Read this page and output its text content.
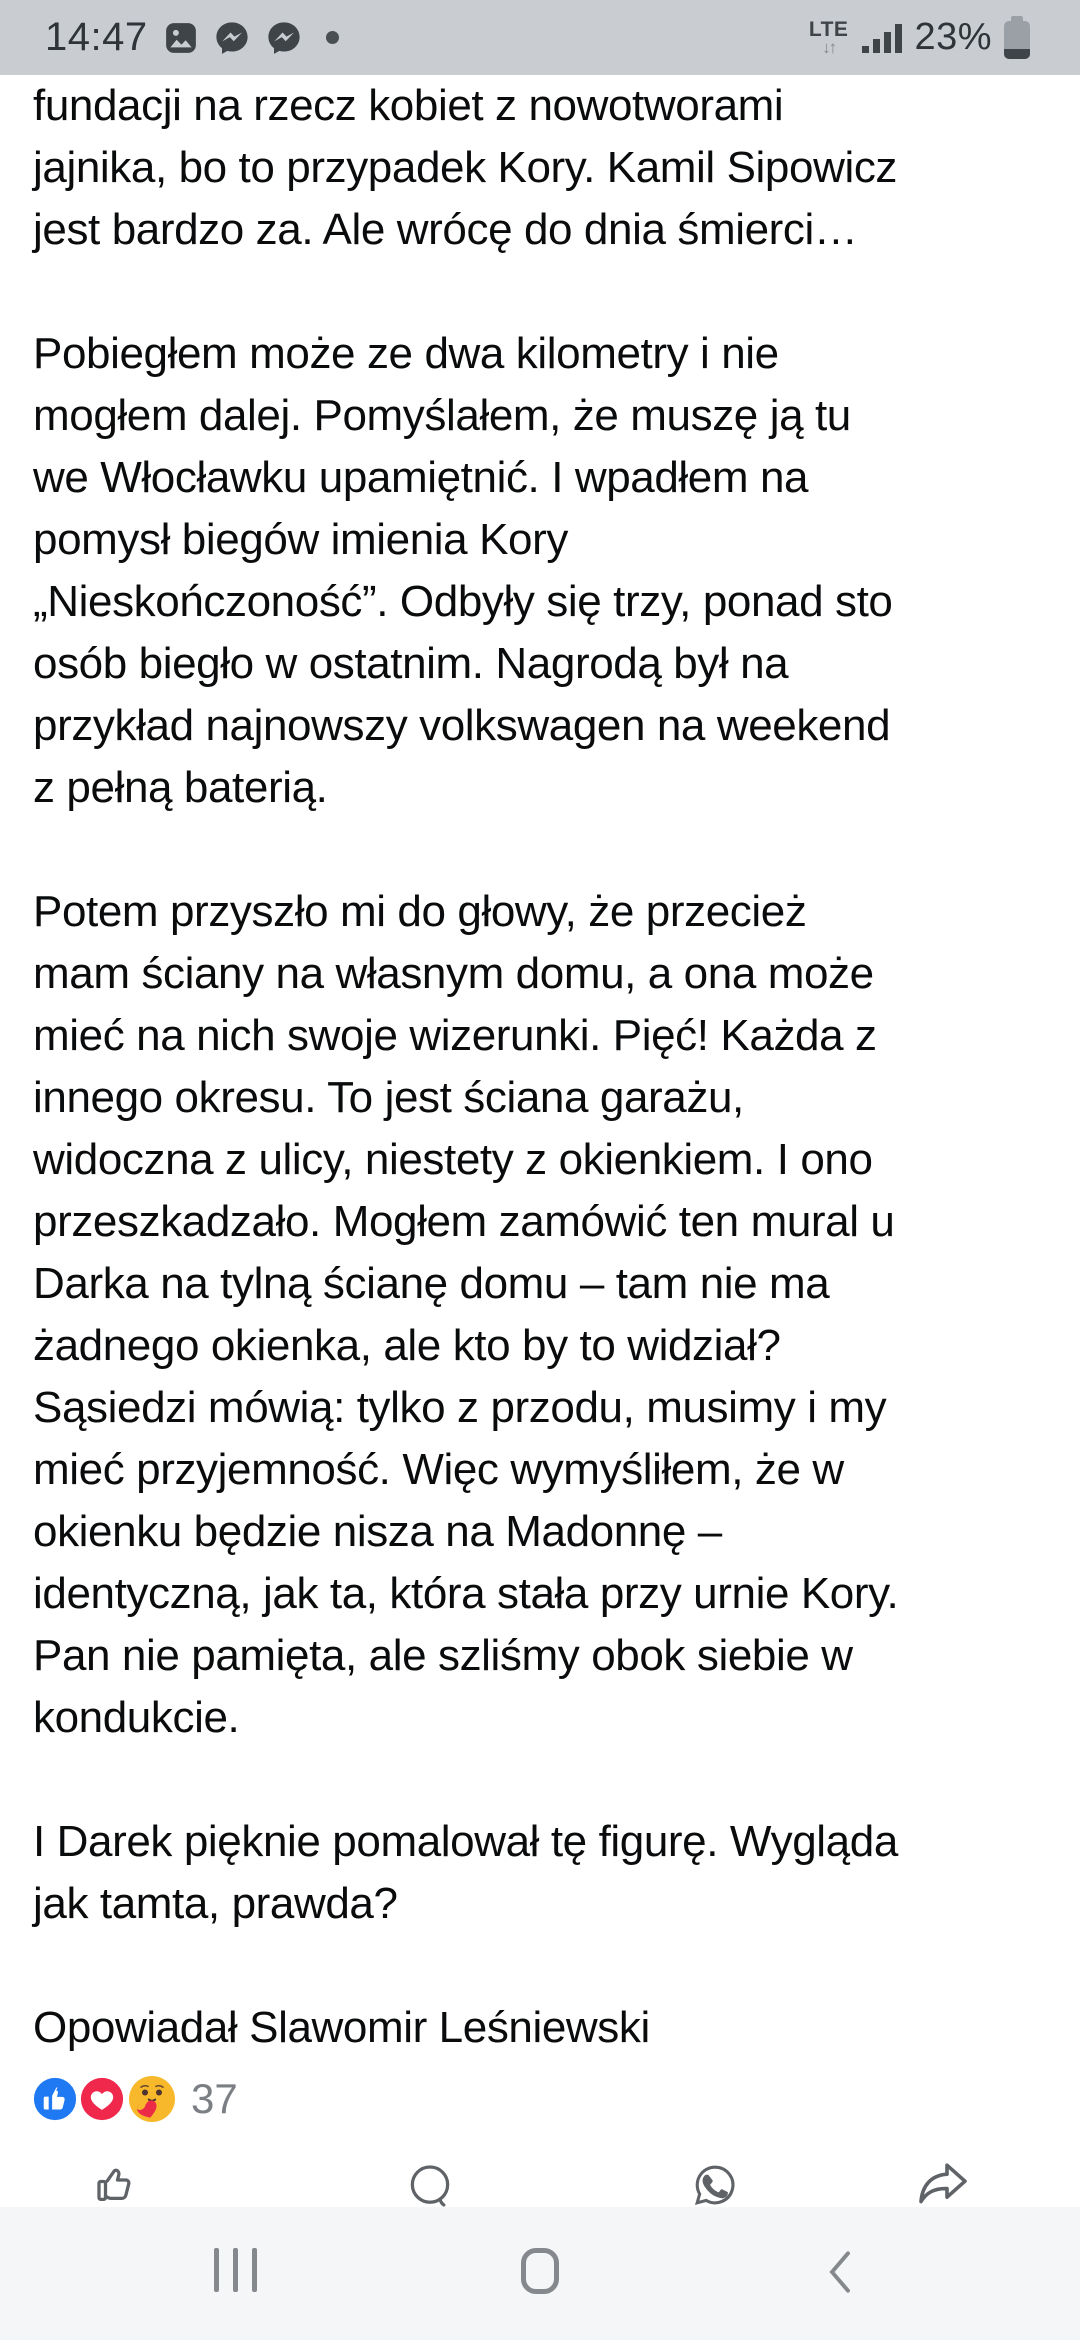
14:47	LTE
↓↑ 23%
fundacji na rzecz kobiet z nowotworami
jajnika, bo to przypadek Kory. Kamil Sipowicz
jest bardzo za. Ale wrócę do dnia śmierci…
Pobiegłem może ze dwa kilometry i nie
mogłem dalej. Pomyślałem, że muszę ją tu
we Włocławku upamiętnić. I wpadłem na
pomysł biegów imienia Kory
„Nieskończoność”. Odbyły się trzy, ponad sto
osób biegło w ostatnim. Nagrodą był na
przykład najnowszy volkswagen na weekend
z pełną baterią.
Potem przyszło mi do głowy, że przecież
mam ściany na własnym domu, a ona może
mieć na nich swoje wizerunki. Pięć! Każda z
innego okresu. To jest ściana garażu,
widoczna z ulicy, niestety z okienkiem. I ono
przeszkadzało. Mogłem zamówić ten mural u
Darka na tylną ścianę domu – tam nie ma
żadnego okienka, ale kto by to widział?
Sąsiedzi mówią: tylko z przodu, musimy i my
mieć przyjemność. Więc wymyśliłem, że w
okienku będzie nisza na Madonnę –
identyczną, jak ta, która stała przy urnie Kory.
Pan nie pamięta, ale szliśmy obok siebie w
kondukcie.
I Darek pięknie pomalował tę figurę. Wygląda
jak tamta, prawda?
Opowiadał Slawomir Leśniewski
37
